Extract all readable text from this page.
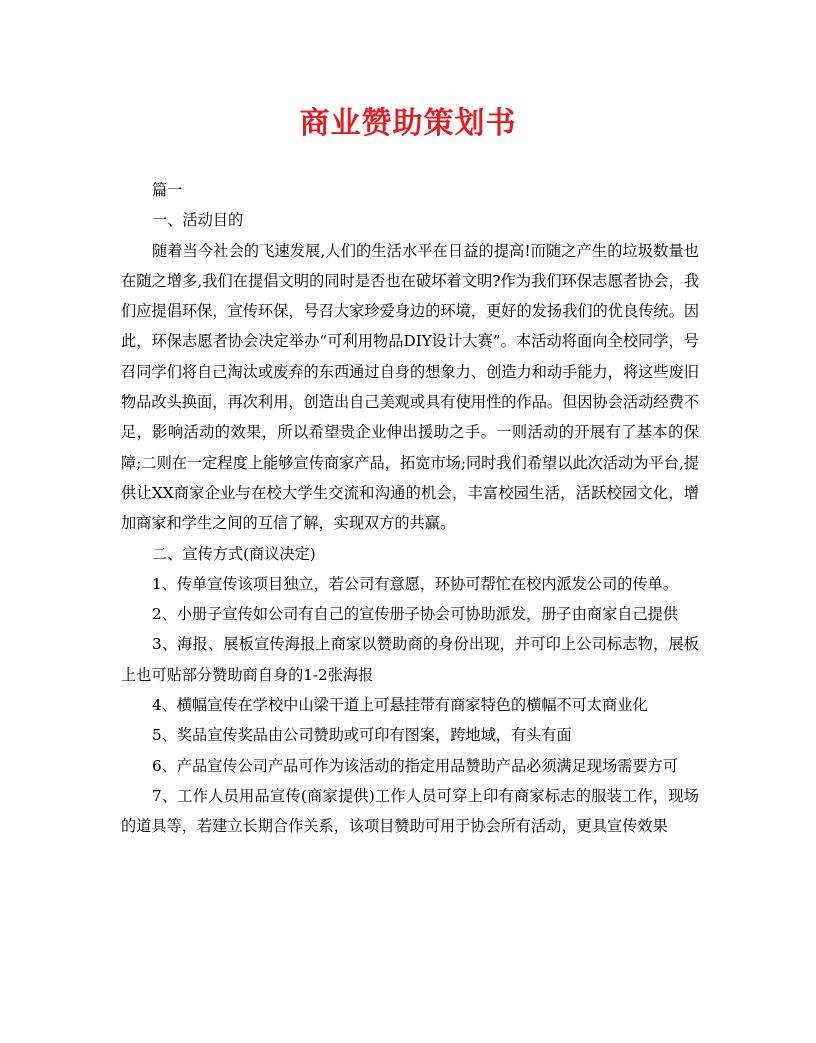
商业赞助策划书

篇一

一、活动目的

随着当今社会的飞速发展,人们的生活水平在日益的提高!而随之产生的垃圾数量也在随之增多,我们在提倡文明的同时是否也在破坏着文明?作为我们环保志愿者协会，我们应提倡环保，宣传环保，号召大家珍爱身边的环境，更好的发扬我们的优良传统。因此，环保志愿者协会决定举办“可利用物品DIY设计大赛”。本活动将面向全校同学，号召同学们将自己淘汰或废弃的东西通过自身的想象力、创造力和动手能力，将这些废旧物品改头换面，再次利用，创造出自己美观或具有使用性的作品。但因协会活动经费不足，影响活动的效果，所以希望贵企业伸出援助之手。一则活动的开展有了基本的保障;二则在一定程度上能够宣传商家产品，拓宽市场;同时我们希望以此次活动为平台,提供让XX商家企业与在校大学生交流和沟通的机会，丰富校园生活，活跃校园文化，增加商家和学生之间的互信了解，实现双方的共赢。

二、宣传方式(商议决定)

1、传单宣传该项目独立，若公司有意愿，环协可帮忙在校内派发公司的传单。

2、小册子宣传如公司有自己的宣传册子协会可协助派发，册子由商家自己提供

3、海报、展板宣传海报上商家以赞助商的身份出现，并可印上公司标志物，展板上也可贴部分赞助商自身的1-2张海报

4、横幅宣传在学校中山梁干道上可悬挂带有商家特色的横幅不可太商业化

5、奖品宣传奖品由公司赞助或可印有图案，跨地域，有头有面

6、产品宣传公司产品可作为该活动的指定用品赞助产品必须满足现场需要方可

7、工作人员用品宣传(商家提供)工作人员可穿上印有商家标志的服装工作，现场的道具等，若建立长期合作关系，该项目赞助可用于协会所有活动，更具宣传效果
